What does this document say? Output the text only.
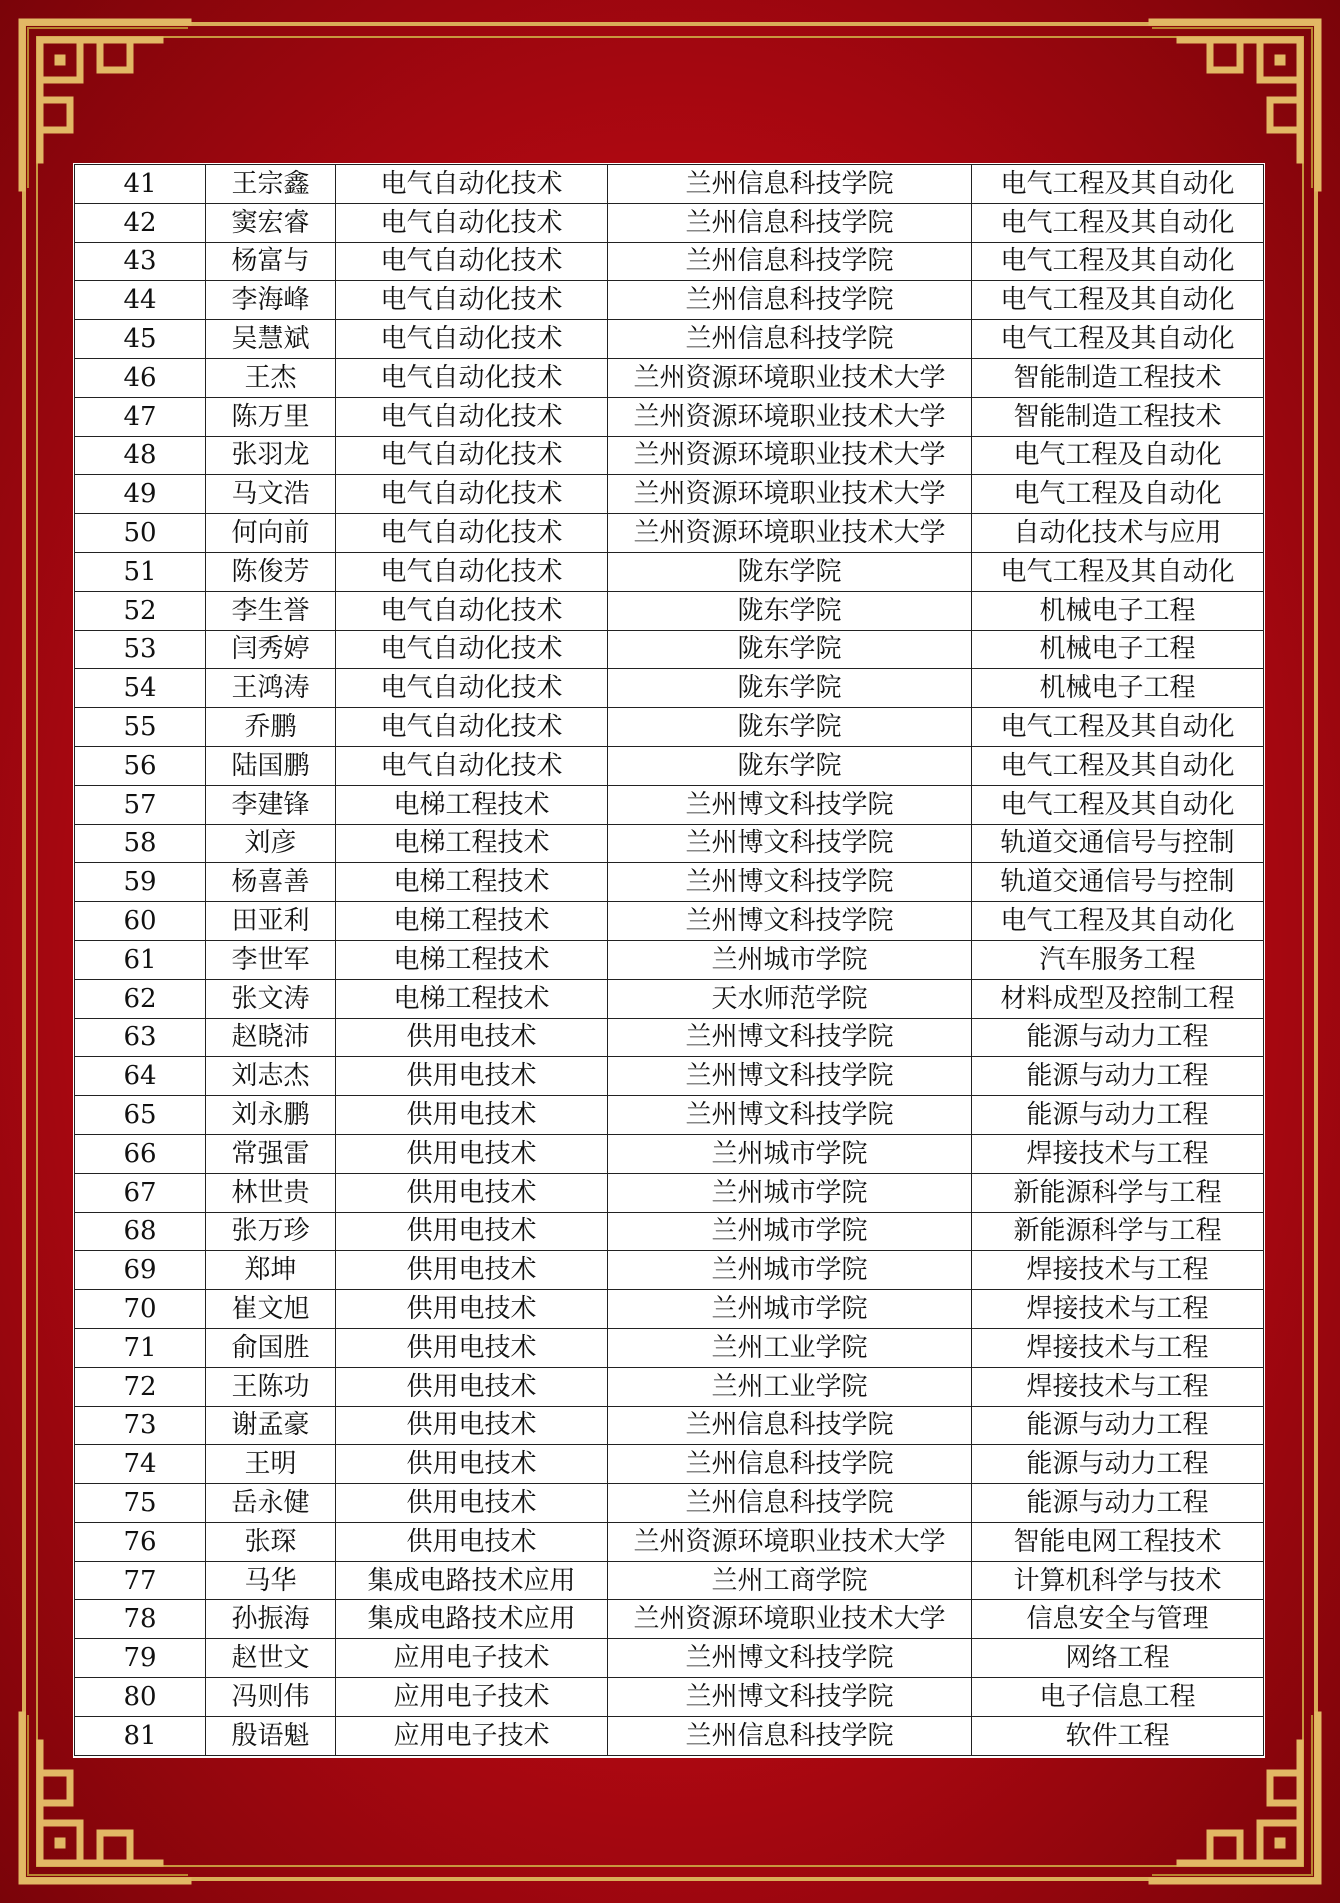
41	王宗鑫	电气自动化技术	兰州信息科技学院	电气工程及其自动化
42	窦宏睿	电气自动化技术	兰州信息科技学院	电气工程及其自动化
43	杨富与	电气自动化技术	兰州信息科技学院	电气工程及其自动化
44	李海峰	电气自动化技术	兰州信息科技学院	电气工程及其自动化
45	吴慧斌	电气自动化技术	兰州信息科技学院	电气工程及其自动化
46	王杰	电气自动化技术	兰州资源环境职业技术大学	智能制造工程技术
47	陈万里	电气自动化技术	兰州资源环境职业技术大学	智能制造工程技术
48	张羽龙	电气自动化技术	兰州资源环境职业技术大学	电气工程及自动化
49	马文浩	电气自动化技术	兰州资源环境职业技术大学	电气工程及自动化
50	何向前	电气自动化技术	兰州资源环境职业技术大学	自动化技术与应用
51	陈俊芳	电气自动化技术	陇东学院	电气工程及其自动化
52	李生誉	电气自动化技术	陇东学院	机械电子工程
53	闫秀婷	电气自动化技术	陇东学院	机械电子工程
54	王鸿涛	电气自动化技术	陇东学院	机械电子工程
55	乔鹏	电气自动化技术	陇东学院	电气工程及其自动化
56	陆国鹏	电气自动化技术	陇东学院	电气工程及其自动化
57	李建锋	电梯工程技术	兰州博文科技学院	电气工程及其自动化
58	刘彦	电梯工程技术	兰州博文科技学院	轨道交通信号与控制
59	杨喜善	电梯工程技术	兰州博文科技学院	轨道交通信号与控制
60	田亚利	电梯工程技术	兰州博文科技学院	电气工程及其自动化
61	李世军	电梯工程技术	兰州城市学院	汽车服务工程
62	张文涛	电梯工程技术	天水师范学院	材料成型及控制工程
63	赵晓沛	供用电技术	兰州博文科技学院	能源与动力工程
64	刘志杰	供用电技术	兰州博文科技学院	能源与动力工程
65	刘永鹏	供用电技术	兰州博文科技学院	能源与动力工程
66	常强雷	供用电技术	兰州城市学院	焊接技术与工程
67	林世贵	供用电技术	兰州城市学院	新能源科学与工程
68	张万珍	供用电技术	兰州城市学院	新能源科学与工程
69	郑坤	供用电技术	兰州城市学院	焊接技术与工程
70	崔文旭	供用电技术	兰州城市学院	焊接技术与工程
71	俞国胜	供用电技术	兰州工业学院	焊接技术与工程
72	王陈功	供用电技术	兰州工业学院	焊接技术与工程
73	谢孟豪	供用电技术	兰州信息科技学院	能源与动力工程
74	王明	供用电技术	兰州信息科技学院	能源与动力工程
75	岳永健	供用电技术	兰州信息科技学院	能源与动力工程
76	张琛	供用电技术	兰州资源环境职业技术大学	智能电网工程技术
77	马华	集成电路技术应用	兰州工商学院	计算机科学与技术
78	孙振海	集成电路技术应用	兰州资源环境职业技术大学	信息安全与管理
79	赵世文	应用电子技术	兰州博文科技学院	网络工程
80	冯则伟	应用电子技术	兰州博文科技学院	电子信息工程
81	殷语魁	应用电子技术	兰州信息科技学院	软件工程
